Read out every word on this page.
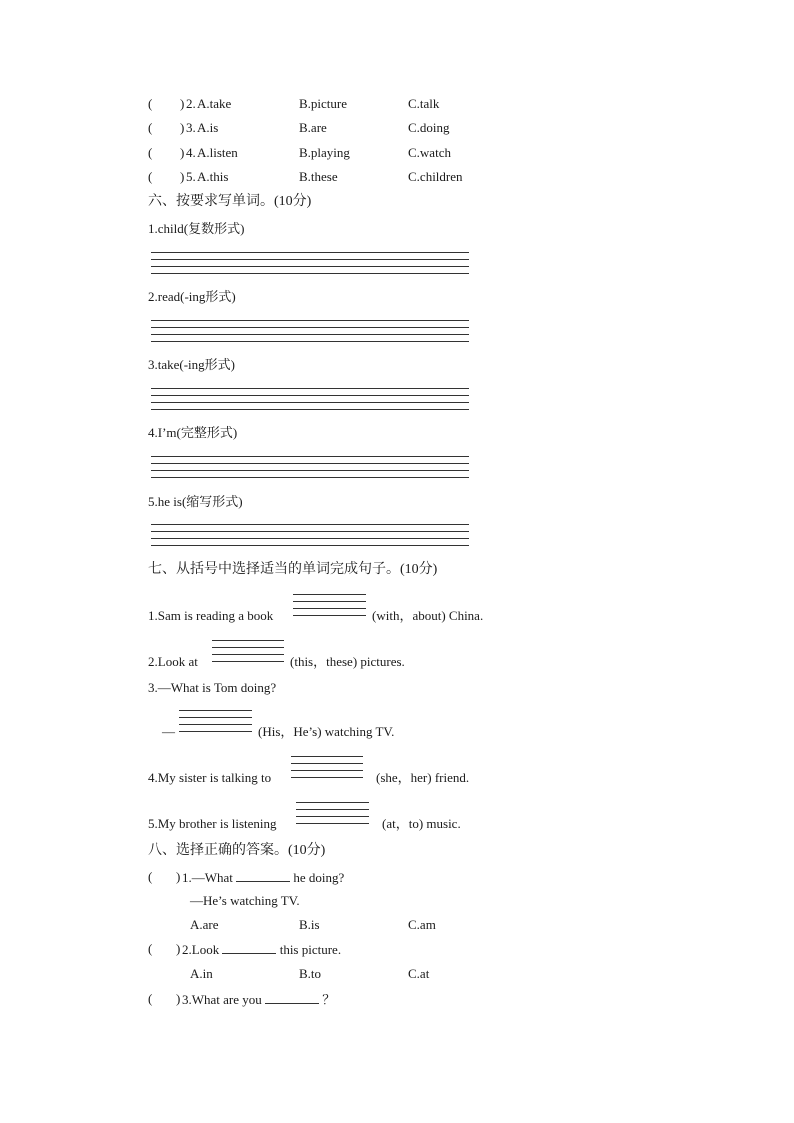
( ) 2. A.take	B.picture	C.talk
( ) 3. A.is	B.are	C.doing
( ) 4. A.listen	B.playing	C.watch
( ) 5. A.this	B.these	C.children
六、按要求写单词。(10分)
1.child(复数形式)
2.read(-ing形式)
3.take(-ing形式)
4.I’m(完整形式)
5.he is(缩写形式)
七、从括号中选择适当的单词完成句子。(10分)
1.Sam is reading a book	(with，about) China.
2.Look at	(this，these) pictures.
3.—What is Tom doing?
—	(His，He’s) watching TV.
4.My sister is talking to	(she，her) friend.
5.My brother is listening	(at，to) music.
八、选择正确的答案。(10分)
( ) 1.—What	he doing?
—He’s watching TV.
A.are	B.is	C.am
( ) 2.Look	this picture.
A.in	B.to	C.at
( ) 3.What are you	？
